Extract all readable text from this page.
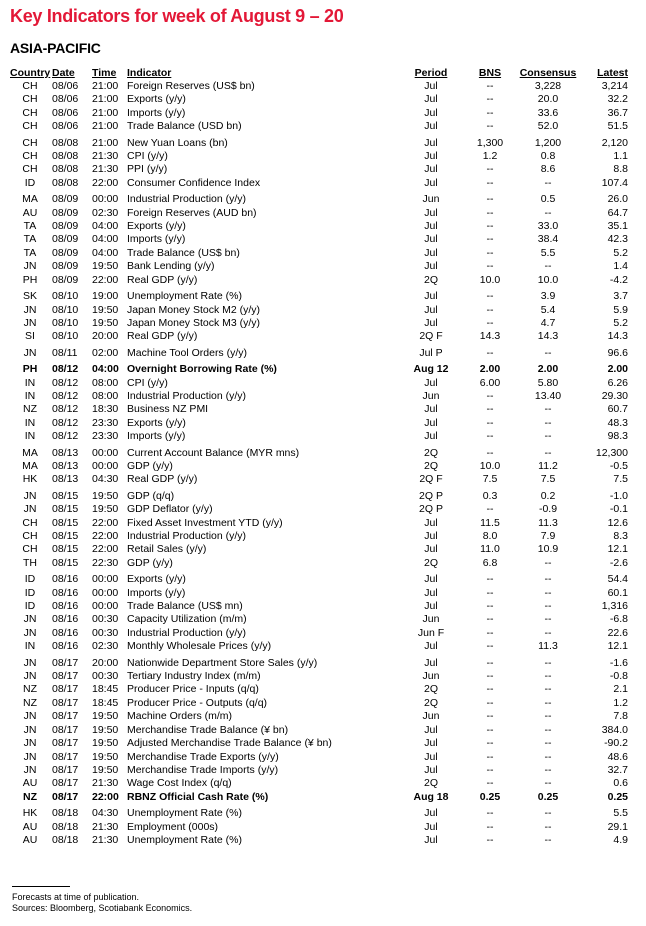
Key Indicators for week of August 9 – 20
ASIA-PACIFIC
Country	Date	Time	Indicator	Period	BNS	Consensus	Latest
CH	08/06	21:00	Foreign Reserves (US$ bn)	Jul	--	3,228	3,214
CH	08/06	21:00	Exports (y/y)	Jul	--	20.0	32.2
CH	08/06	21:00	Imports (y/y)	Jul	--	33.6	36.7
CH	08/06	21:00	Trade Balance (USD bn)	Jul	--	52.0	51.5
CH	08/08	21:00	New Yuan Loans (bn)	Jul	1,300	1,200	2,120
CH	08/08	21:30	CPI (y/y)	Jul	1.2	0.8	1.1
CH	08/08	21:30	PPI (y/y)	Jul	--	8.6	8.8
ID	08/08	22:00	Consumer Confidence Index	Jul	--	--	107.4
MA	08/09	00:00	Industrial Production (y/y)	Jun	--	0.5	26.0
AU	08/09	02:30	Foreign Reserves (AUD bn)	Jul	--	--	64.7
TA	08/09	04:00	Exports (y/y)	Jul	--	33.0	35.1
TA	08/09	04:00	Imports (y/y)	Jul	--	38.4	42.3
TA	08/09	04:00	Trade Balance (US$ bn)	Jul	--	5.5	5.2
JN	08/09	19:50	Bank Lending (y/y)	Jul	--	--	1.4
PH	08/09	22:00	Real GDP (y/y)	2Q	10.0	10.0	-4.2
SK	08/10	19:00	Unemployment Rate (%)	Jul	--	3.9	3.7
JN	08/10	19:50	Japan Money Stock M2 (y/y)	Jul	--	5.4	5.9
JN	08/10	19:50	Japan Money Stock M3 (y/y)	Jul	--	4.7	5.2
SI	08/10	20:00	Real GDP (y/y)	2Q F	14.3	14.3	14.3
JN	08/11	02:00	Machine Tool Orders (y/y)	Jul P	--	--	96.6
PH	08/12	04:00	Overnight Borrowing Rate (%)	Aug 12	2.00	2.00	2.00
IN	08/12	08:00	CPI (y/y)	Jul	6.00	5.80	6.26
IN	08/12	08:00	Industrial Production (y/y)	Jun	--	13.40	29.30
NZ	08/12	18:30	Business NZ PMI	Jul	--	--	60.7
IN	08/12	23:30	Exports (y/y)	Jul	--	--	48.3
IN	08/12	23:30	Imports (y/y)	Jul	--	--	98.3
MA	08/13	00:00	Current Account Balance (MYR mns)	2Q	--	--	12,300
MA	08/13	00:00	GDP (y/y)	2Q	10.0	11.2	-0.5
HK	08/13	04:30	Real GDP (y/y)	2Q F	7.5	7.5	7.5
JN	08/15	19:50	GDP (q/q)	2Q P	0.3	0.2	-1.0
JN	08/15	19:50	GDP Deflator (y/y)	2Q P	--	-0.9	-0.1
CH	08/15	22:00	Fixed Asset Investment YTD (y/y)	Jul	11.5	11.3	12.6
CH	08/15	22:00	Industrial Production (y/y)	Jul	8.0	7.9	8.3
CH	08/15	22:00	Retail Sales (y/y)	Jul	11.0	10.9	12.1
TH	08/15	22:30	GDP (y/y)	2Q	6.8	--	-2.6
ID	08/16	00:00	Exports (y/y)	Jul	--	--	54.4
ID	08/16	00:00	Imports (y/y)	Jul	--	--	60.1
ID	08/16	00:00	Trade Balance (US$ mn)	Jul	--	--	1,316
JN	08/16	00:30	Capacity Utilization (m/m)	Jun	--	--	-6.8
JN	08/16	00:30	Industrial Production (y/y)	Jun F	--	--	22.6
IN	08/16	02:30	Monthly Wholesale Prices (y/y)	Jul	--	11.3	12.1
JN	08/17	20:00	Nationwide Department Store Sales (y/y)	Jul	--	--	-1.6
JN	08/17	00:30	Tertiary Industry Index (m/m)	Jun	--	--	-0.8
NZ	08/17	18:45	Producer Price - Inputs (q/q)	2Q	--	--	2.1
NZ	08/17	18:45	Producer Price - Outputs (q/q)	2Q	--	--	1.2
JN	08/17	19:50	Machine Orders (m/m)	Jun	--	--	7.8
JN	08/17	19:50	Merchandise Trade Balance (¥ bn)	Jul	--	--	384.0
JN	08/17	19:50	Adjusted Merchandise Trade Balance (¥ bn)	Jul	--	--	-90.2
JN	08/17	19:50	Merchandise Trade Exports (y/y)	Jul	--	--	48.6
JN	08/17	19:50	Merchandise Trade Imports (y/y)	Jul	--	--	32.7
AU	08/17	21:30	Wage Cost Index (q/q)	2Q	--	--	0.6
NZ	08/17	22:00	RBNZ Official Cash Rate (%)	Aug 18	0.25	0.25	0.25
HK	08/18	04:30	Unemployment Rate (%)	Jul	--	--	5.5
AU	08/18	21:30	Employment (000s)	Jul	--	--	29.1
AU	08/18	21:30	Unemployment Rate (%)	Jul	--	--	4.9
Forecasts at time of publication.
Sources: Bloomberg, Scotiabank Economics.
